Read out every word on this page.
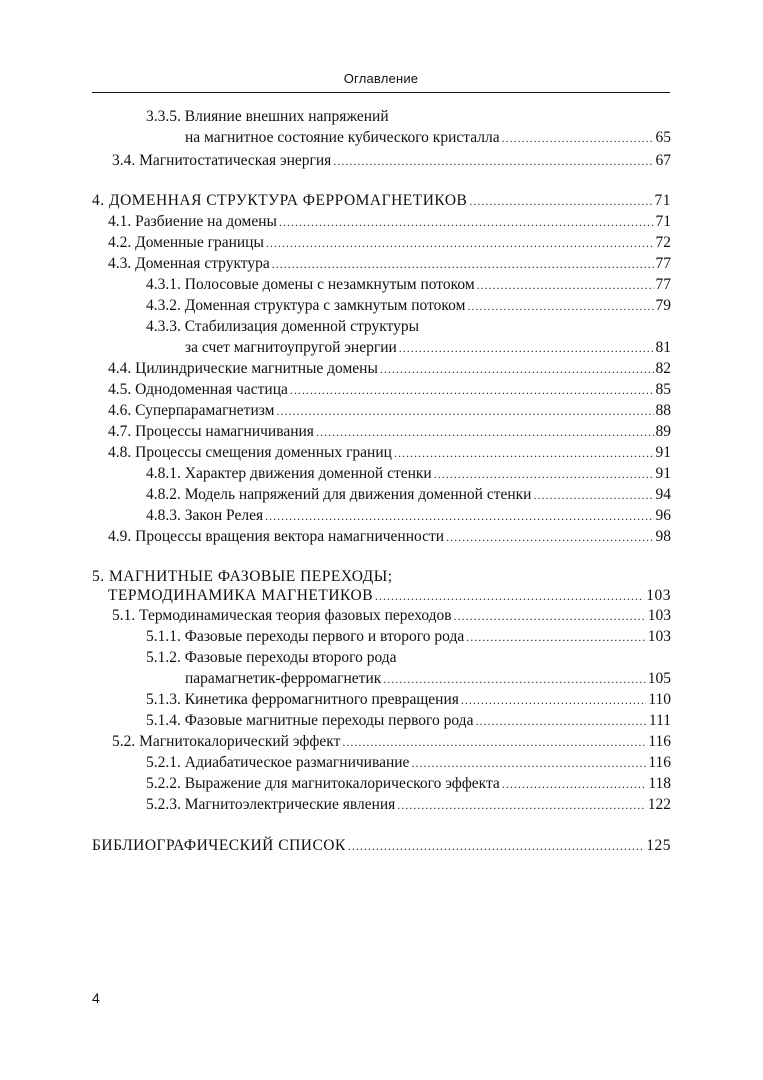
Оглавление
3.3.5. Влияние внешних напряжений
на магнитное состояние кубического кристалла .....	65
3.4. Магнитостатическая энергия .....	67
4. ДОМЕННАЯ СТРУКТУРА ФЕРРОМАГНЕТИКОВ .....	71
4.1. Разбиение на домены .....	71
4.2. Доменные границы .....	72
4.3. Доменная структура .....	77
4.3.1. Полосовые домены с незамкнутым потоком .....	77
4.3.2. Доменная структура с замкнутым потоком .....	79
4.3.3. Стабилизация доменной структуры
за счет магнитоупругой энергии .....	81
4.4. Цилиндрические магнитные домены .....	82
4.5. Однодоменная частица .....	85
4.6. Суперпарамагнетизм .....	88
4.7. Процессы намагничивания .....	89
4.8. Процессы смещения доменных границ .....	91
4.8.1. Характер движения доменной стенки .....	91
4.8.2. Модель напряжений для движения доменной стенки .....	94
4.8.3. Закон Релея .....	96
4.9. Процессы вращения вектора намагниченности .....	98
5. МАГНИТНЫЕ ФАЗОВЫЕ ПЕРЕХОДЫ;
ТЕРМОДИНАМИКА МАГНЕТИКОВ .....	103
5.1. Термодинамическая теория фазовых переходов .....	103
5.1.1. Фазовые переходы первого и второго рода .....	103
5.1.2. Фазовые переходы второго рода
парамагнетик-ферромагнетик .....	105
5.1.3. Кинетика ферромагнитного превращения .....	110
5.1.4. Фазовые магнитные переходы первого рода .....	111
5.2. Магнитокалорический эффект .....	116
5.2.1. Адиабатическое размагничивание .....	116
5.2.2. Выражение для магнитокалорического эффекта .....	118
5.2.3. Магнитоэлектрические явления .....	122
БИБЛИОГРАФИЧЕСКИЙ СПИСОК .....	125
4
